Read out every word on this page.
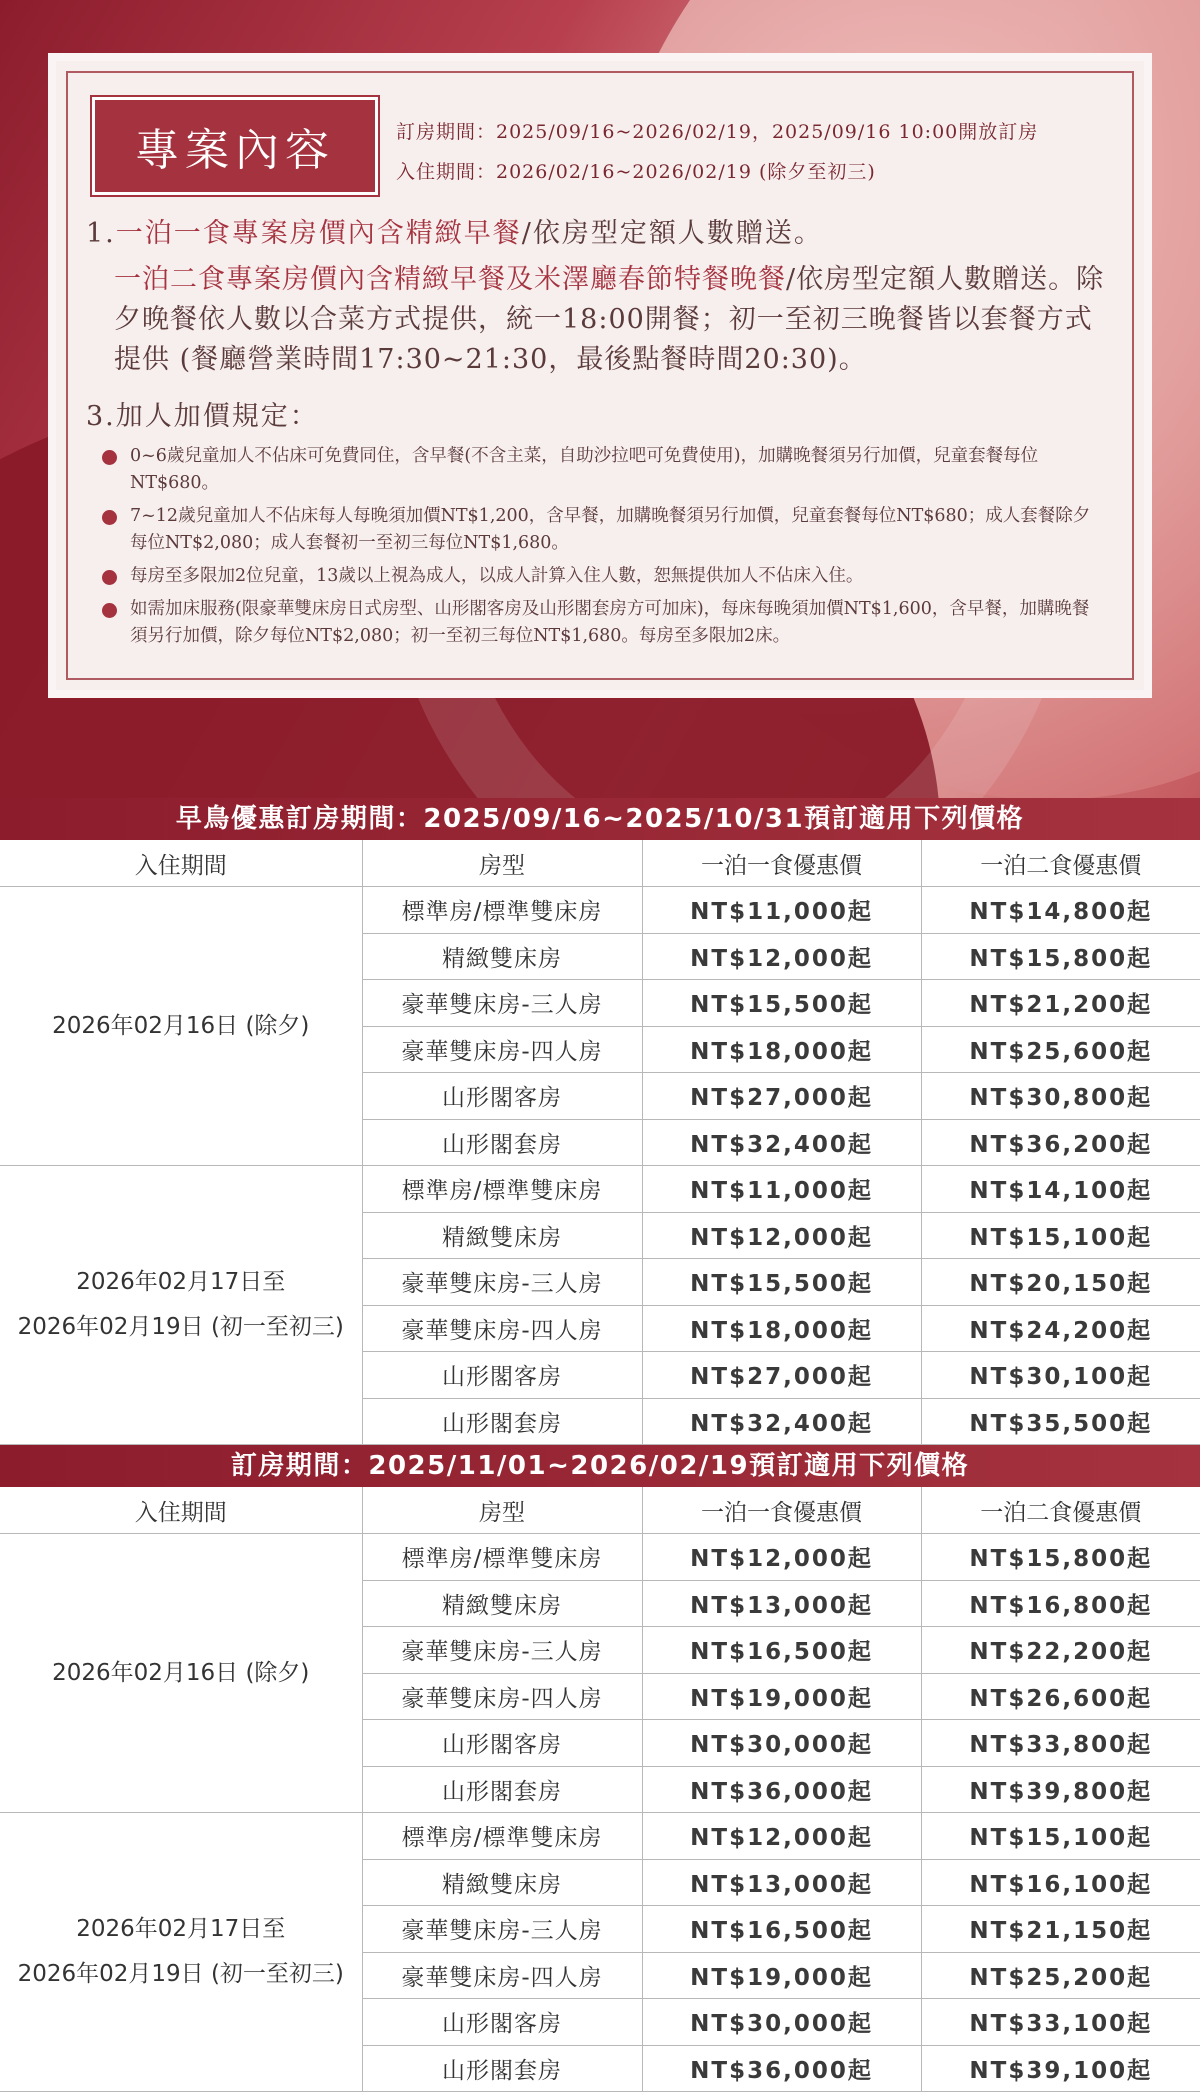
專案內容	訂房期間：2025/09/16~2026/02/19，2025/09/16 10:00開放訂房
入住期間：2026/02/16~2026/02/19 (除夕至初三)
1.一泊一食專案房價內含精緻早餐/依房型定額人數贈送。
一泊二食專案房價內含精緻早餐及米澤廳春節特餐晚餐/依房型定額人數贈送。除夕晚餐依人數以合菜方式提供，統一18:00開餐；初一至初三晚餐皆以套餐方式提供 (餐廳營業時間17:30~21:30，最後點餐時間20:30)。
3.加人加價規定：
0~6歲兒童加人不佔床可免費同住，含早餐(不含主菜，自助沙拉吧可免費使用)，加購晚餐須另行加價，兒童套餐每位NT$680。
7~12歲兒童加人不佔床每人每晚須加價NT$1,200，含早餐，加購晚餐須另行加價，兒童套餐每位NT$680；成人套餐除夕每位NT$2,080；成人套餐初一至初三每位NT$1,680。
每房至多限加2位兒童，13歲以上視為成人，以成人計算入住人數，恕無提供加人不佔床入住。
如需加床服務(限豪華雙床房日式房型、山形閣客房及山形閣套房方可加床)，每床每晚須加價NT$1,600，含早餐，加購晚餐須另行加價，除夕每位NT$2,080；初一至初三每位NT$1,680。每房至多限加2床。
早鳥優惠訂房期間：2025/09/16~2025/10/31預訂適用下列價格
入住期間	房型	一泊一食優惠價	一泊二食優惠價

2026年02月16日 (除夕)	標準房/標準雙床房	NT$11,000起	NT$14,800起
	精緻雙床房	NT$12,000起	NT$15,800起
	豪華雙床房-三人房	NT$15,500起	NT$21,200起
	豪華雙床房-四人房	NT$18,000起	NT$25,600起
	山形閣客房	NT$27,000起	NT$30,800起
	山形閣套房	NT$32,400起	NT$36,200起

2026年02月17日至
2026年02月19日 (初一至初三)	標準房/標準雙床房	NT$11,000起	NT$14,100起
	精緻雙床房	NT$12,000起	NT$15,100起
	豪華雙床房-三人房	NT$15,500起	NT$20,150起
	豪華雙床房-四人房	NT$18,000起	NT$24,200起
	山形閣客房	NT$27,000起	NT$30,100起
	山形閣套房	NT$32,400起	NT$35,500起
訂房期間：2025/11/01~2026/02/19預訂適用下列價格
入住期間	房型	一泊一食優惠價	一泊二食優惠價

2026年02月16日 (除夕)	標準房/標準雙床房	NT$12,000起	NT$15,800起
	精緻雙床房	NT$13,000起	NT$16,800起
	豪華雙床房-三人房	NT$16,500起	NT$22,200起
	豪華雙床房-四人房	NT$19,000起	NT$26,600起
	山形閣客房	NT$30,000起	NT$33,800起
	山形閣套房	NT$36,000起	NT$39,800起

2026年02月17日至
2026年02月19日 (初一至初三)	標準房/標準雙床房	NT$12,000起	NT$15,100起
	精緻雙床房	NT$13,000起	NT$16,100起
	豪華雙床房-三人房	NT$16,500起	NT$21,150起
	豪華雙床房-四人房	NT$19,000起	NT$25,200起
	山形閣客房	NT$30,000起	NT$33,100起
	山形閣套房	NT$36,000起	NT$39,100起
